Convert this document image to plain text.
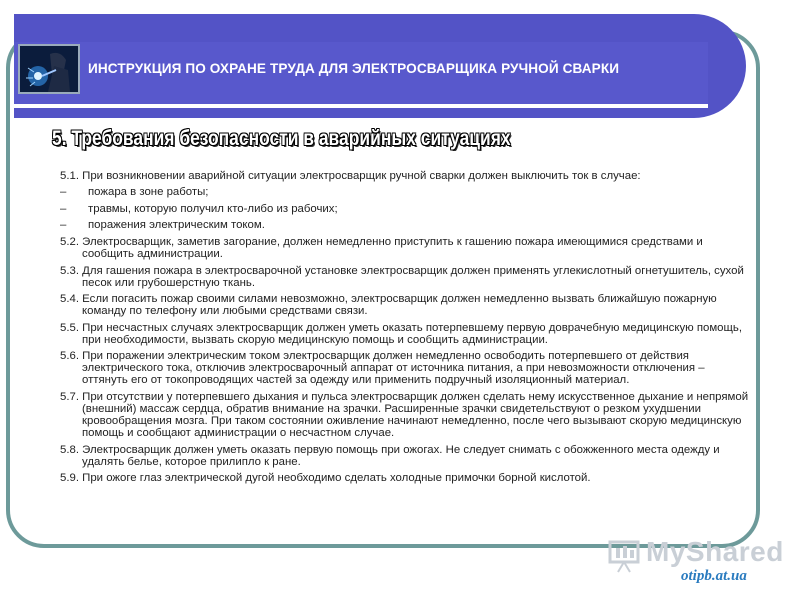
ИНСТРУКЦИЯ ПО ОХРАНЕ ТРУДА ДЛЯ ЭЛЕКТРОСВАРЩИКА РУЧНОЙ СВАРКИ
5. Требования безопасности в аварийных ситуациях
5.1. При возникновении аварийной ситуации электросварщик ручной сварки должен выключить ток в случае:
–	пожара в зоне работы;
–	травмы, которую получил кто-либо из рабочих;
–	поражения электрическим током.
5.2. Электросварщик, заметив загорание, должен немедленно приступить к гашению пожара имеющимися средствами и сообщить администрации.
5.3. Для гашения пожара в электросварочной установке электросварщик должен применять углекислотный огнетушитель, сухой песок или грубошерстную ткань.
5.4. Если погасить пожар своими силами невозможно, электросварщик должен немедленно вызвать ближайшую пожарную команду по телефону или любыми средствами связи.
5.5. При несчастных случаях электросварщик должен уметь оказать потерпевшему первую доврачебную медицинскую помощь, при необходимости, вызвать скорую медицинскую помощь и сообщить администрации.
5.6. При поражении электрическим током электросварщик должен немедленно освободить потерпевшего от действия электрического тока, отключив электросварочный аппарат от источника питания, а при невозможности отключения – оттянуть его от токопроводящих частей за одежду или применить подручный изоляционный материал.
5.7. При отсутствии у потерпевшего дыхания и пульса электросварщик должен сделать нему искусственное дыхание и непрямой (внешний) массаж сердца, обратив внимание на зрачки. Расширенные зрачки свидетельствуют о резком ухудшении кровообращения мозга. При таком состоянии оживление начинают немедленно, после чего вызывают скорую медицинскую помощь и сообщают администрации о несчастном случае.
5.8. Электросварщик должен уметь оказать первую помощь при ожогах. Не следует снимать с обожженного места одежду и удалять белье, которое прилипло к ране.
5.9. При ожоге глаз электрической дугой необходимо сделать холодные примочки борной кислотой.
MyShared
otipb.at.ua
